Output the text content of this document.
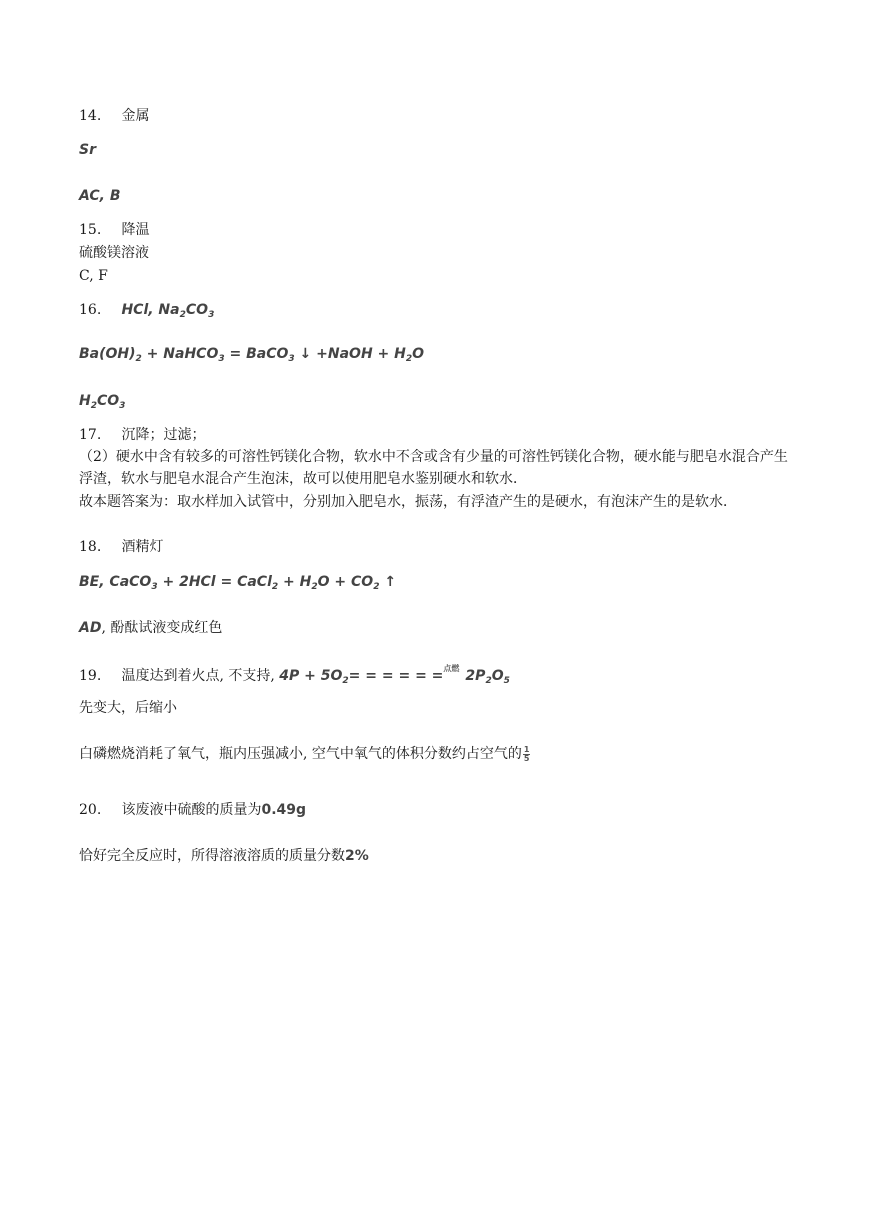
14. 金属
Sr
AC, B
15. 降温
硫酸镁溶液
C, F
16. HCl, $Na_2CO_3$
$Ba(OH)_2$ + NaHCO$_3$ = BaCO$_3$ ↓ +NaOH + $H_2O$
$H_2CO_3$
17. 沉降；过滤；
（2）硬水中含有较多的可溶性钙镁化合物，软水中不含或含有少量的可溶性钙镁化合物，硬水能与肥皂水混合产生浮渣，软水与肥皂水混合产生泡沫，故可以使用肥皂水鉴别硬水和软水．
故本题答案为：取水样加入试管中，分别加入肥皂水，振荡，有浮渣产生的是硬水，有泡沫产生的是软水．
18. 酒精灯
BE, CaCO$_3$ + 2HCl = CaCl$_2$ + $H_2O + CO_2$ ↑
AD, 酚酞试液变成红色
19. 温度达到着火点, 不支持, $4P + 5O_2=$ = = = = = 点燃 $2P_2O_5$
先变大，后缩小
白磷燃烧消耗了氧气，瓶内压强减小, 空气中氧气的体积分数约占空气的 $\frac{1}{5}$
20. 该废液中硫酸的质量为0.49g
恰好完全反应时，所得溶液溶质的质量分数2%
